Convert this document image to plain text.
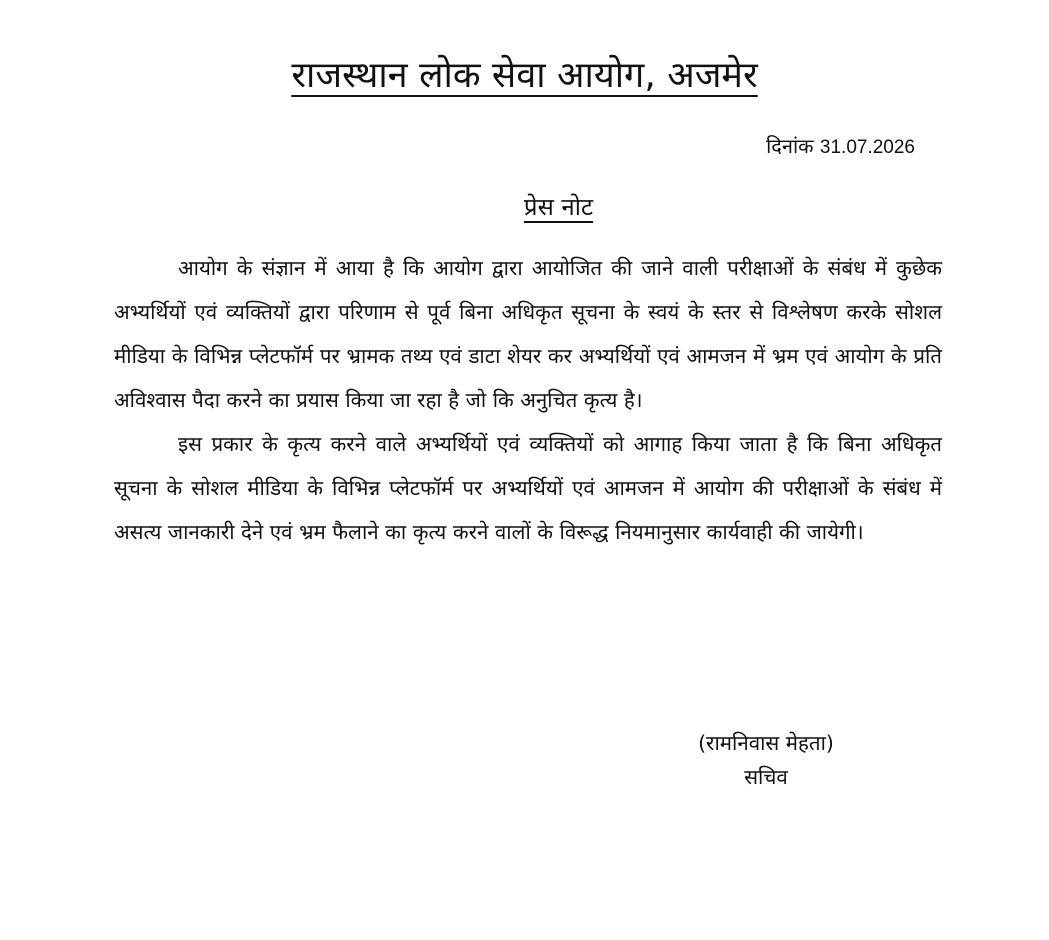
राजस्थान लोक सेवा आयोग, अजमेर
दिनांक 31.07.2026
प्रेस नोट

आयोग के संज्ञान में आया है कि आयोग द्वारा आयोजित की जाने वाली परीक्षाओं के संबंध में कुछेक अभ्यर्थियों एवं व्यक्तियों द्वारा परिणाम से पूर्व बिना अधिकृत सूचना के स्वयं के स्तर से विश्लेषण करके सोशल मीडिया के विभिन्न प्लेटफॉर्म पर भ्रामक तथ्य एवं डाटा शेयर कर अभ्यर्थियों एवं आमजन में भ्रम एवं आयोग के प्रति अविश्वास पैदा करने का प्रयास किया जा रहा है जो कि अनुचित कृत्य है।

इस प्रकार के कृत्य करने वाले अभ्यर्थियों एवं व्यक्तियों को आगाह किया जाता है कि बिना अधिकृत सूचना के सोशल मीडिया के विभिन्न प्लेटफॉर्म पर अभ्यर्थियों एवं आमजन में आयोग की परीक्षाओं के संबंध में असत्य जानकारी देने एवं भ्रम फैलाने का कृत्य करने वालों के विरूद्ध नियमानुसार कार्यवाही की जायेगी।

(रामनिवास मेहता)
सचिव
